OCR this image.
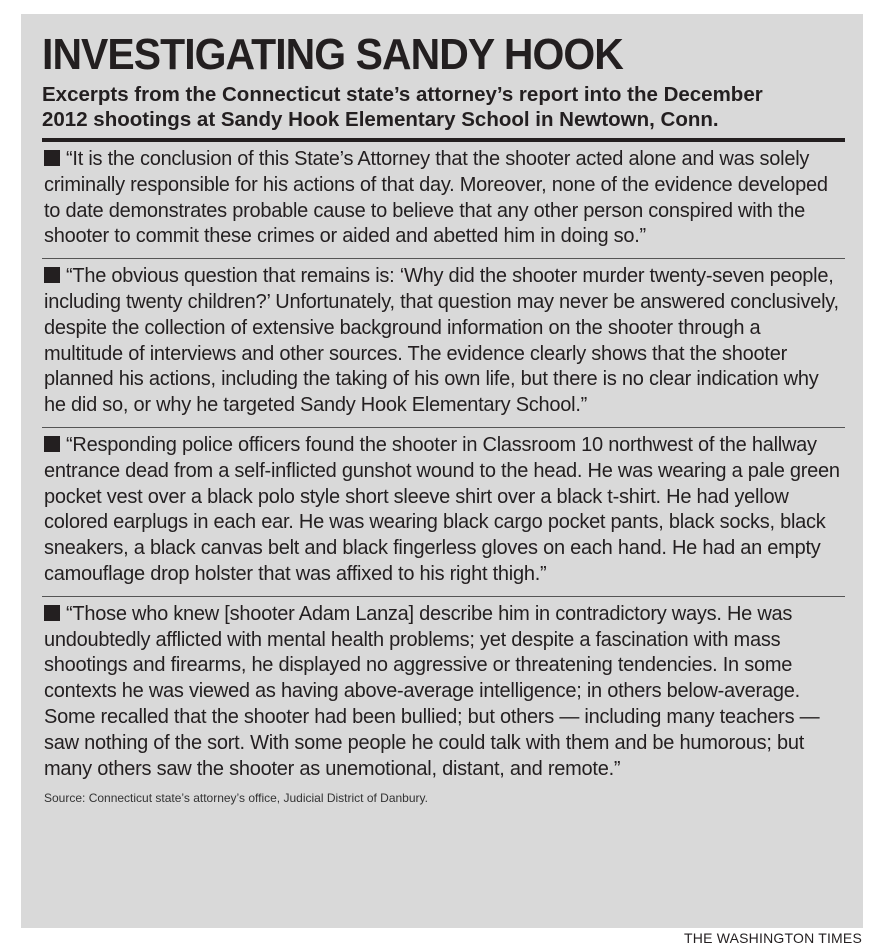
INVESTIGATING SANDY HOOK

Excerpts from the Connecticut state’s attorney’s report into the December 2012 shootings at Sandy Hook Elementary School in Newtown, Conn.

“It is the conclusion of this State’s Attorney that the shooter acted alone and was solely criminally responsible for his actions of that day. Moreover, none of the evidence developed to date demonstrates probable cause to believe that any other person conspired with the shooter to commit these crimes or aided and abetted him in doing so.”
“The obvious question that remains is: ‘Why did the shooter murder twenty-seven people, including twenty children?’ Unfortunately, that question may never be answered conclusively, despite the collection of extensive background information on the shooter through a multitude of interviews and other sources. The evidence clearly shows that the shooter planned his actions, including the taking of his own life, but there is no clear indication why he did so, or why he targeted Sandy Hook Elementary School.”
“Responding police officers found the shooter in Classroom 10 northwest of the hallway entrance dead from a self-inflicted gunshot wound to the head. He was wearing a pale green pocket vest over a black polo style short sleeve shirt over a black t-shirt. He had yellow colored earplugs in each ear. He was wearing black cargo pocket pants, black socks, black sneakers, a black canvas belt and black fingerless gloves on each hand. He had an empty camouflage drop holster that was affixed to his right thigh.”
“Those who knew [shooter Adam Lanza] describe him in contradictory ways. He was undoubtedly afflicted with mental health problems; yet despite a fascination with mass shootings and firearms, he displayed no aggressive or threatening tendencies. In some contexts he was viewed as having above-average intelligence; in others below-average. Some recalled that the shooter had been bullied; but others — including many teachers — saw nothing of the sort. With some people he could talk with them and be humorous; but many others saw the shooter as unemotional, distant, and remote.”
Source: Connecticut state’s attorney’s office, Judicial District of Danbury.
THE WASHINGTON TIMES
